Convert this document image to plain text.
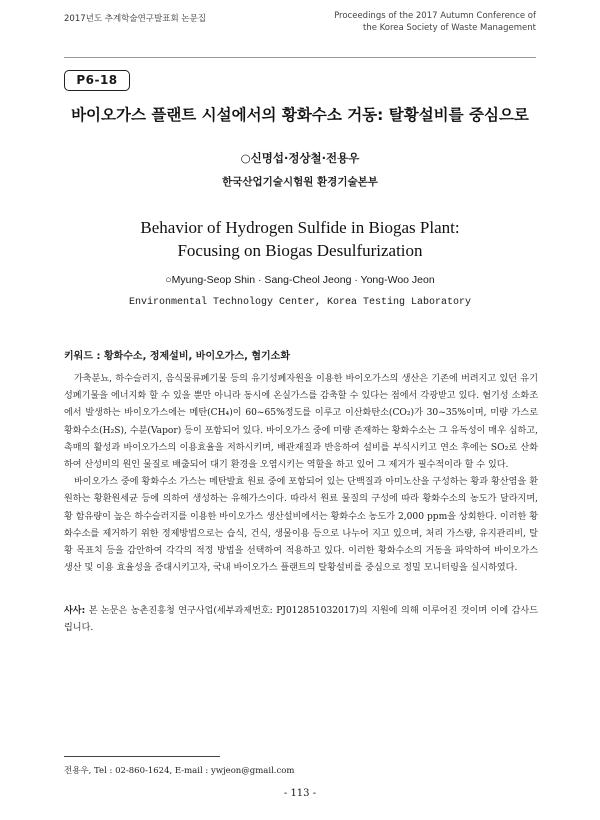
2017년도 추계학술연구발표회 논문집	Proceedings of the 2017 Autumn Conference of
the Korea Society of Waste Management
P6-18
바이오가스 플랜트 시설에서의 황화수소 거동: 탈황설비를 중심으로
○신명섭·정상철·전용우
한국산업기술시험원 환경기술본부
Behavior of Hydrogen Sulfide in Biogas Plant:
Focusing on Biogas Desulfurization
○Myung-Seop Shin · Sang-Cheol Jeong · Yong-Woo Jeon
Environmental Technology Center, Korea Testing Laboratory
키워드 : 황화수소, 정제설비, 바이오가스, 혐기소화

가축분뇨, 하수슬러지, 음식물류폐기물 등의 유기성폐자원을 이용한 바이오가스의 생산은 기존에 버려지고 있던 유기성폐기물을 에너지화 할 수 있을 뿐만 아니라 동시에 온실가스를 감축할 수 있다는 점에서 각광받고 있다. 혐기성 소화조에서 발생하는 바이오가스에는 메탄(CH₄)이 60~65%정도를 이루고 이산화탄소(CO₂)가 30~35%이며, 미량 가스로 황화수소(H₂S), 수분(Vapor) 등이 포함되어 있다. 바이오가스 중에 미량 존재하는 황화수소는 그 유독성이 매우 심하고, 촉매의 활성과 바이오가스의 이용효율을 저하시키며, 배관재질과 반응하여 설비를 부식시키고 연소 후에는 SO₂로 산화하여 산성비의 원인 물질로 배출되어 대기 환경을 오염시키는 역할을 하고 있어 그 제거가 필수적이라 할 수 있다.

바이오가스 중에 황화수소 가스는 메탄발효 원료 중에 포함되어 있는 단백질과 아미노산을 구성하는 황과 황산염을 환원하는 황환원세균 등에 의하여 생성하는 유해가스이다. 따라서 원료 물질의 구성에 따라 황화수소의 농도가 달라지며, 황 함유량이 높은 하수슬러지를 이용한 바이오가스 생산설비에서는 황화수소 농도가 2,000 ppm을 상회한다. 이러한 황화수소를 제거하기 위한 정제방법으로는 습식, 건식, 생물이용 등으로 나누어 지고 있으며, 처리 가스량, 유지관리비, 탈황 목표치 등을 감안하여 각각의 적정 방법을 선택하여 적용하고 있다. 이러한 황화수소의 거동을 파악하여 바이오가스 생산 및 이용 효율성을 증대시키고자, 국내 바이오가스 플랜트의 탈황설비를 중심으로 정밀 모니터링을 실시하였다.

사사: 본 논문은 농촌진흥청 연구사업(세부과제번호: PJ012851032017)의 지원에 의해 이루어진 것이며 이에 감사드립니다.
전용우, Tel : 02-860-1624, E-mail : ywjeon@gmail.com
- 113 -
